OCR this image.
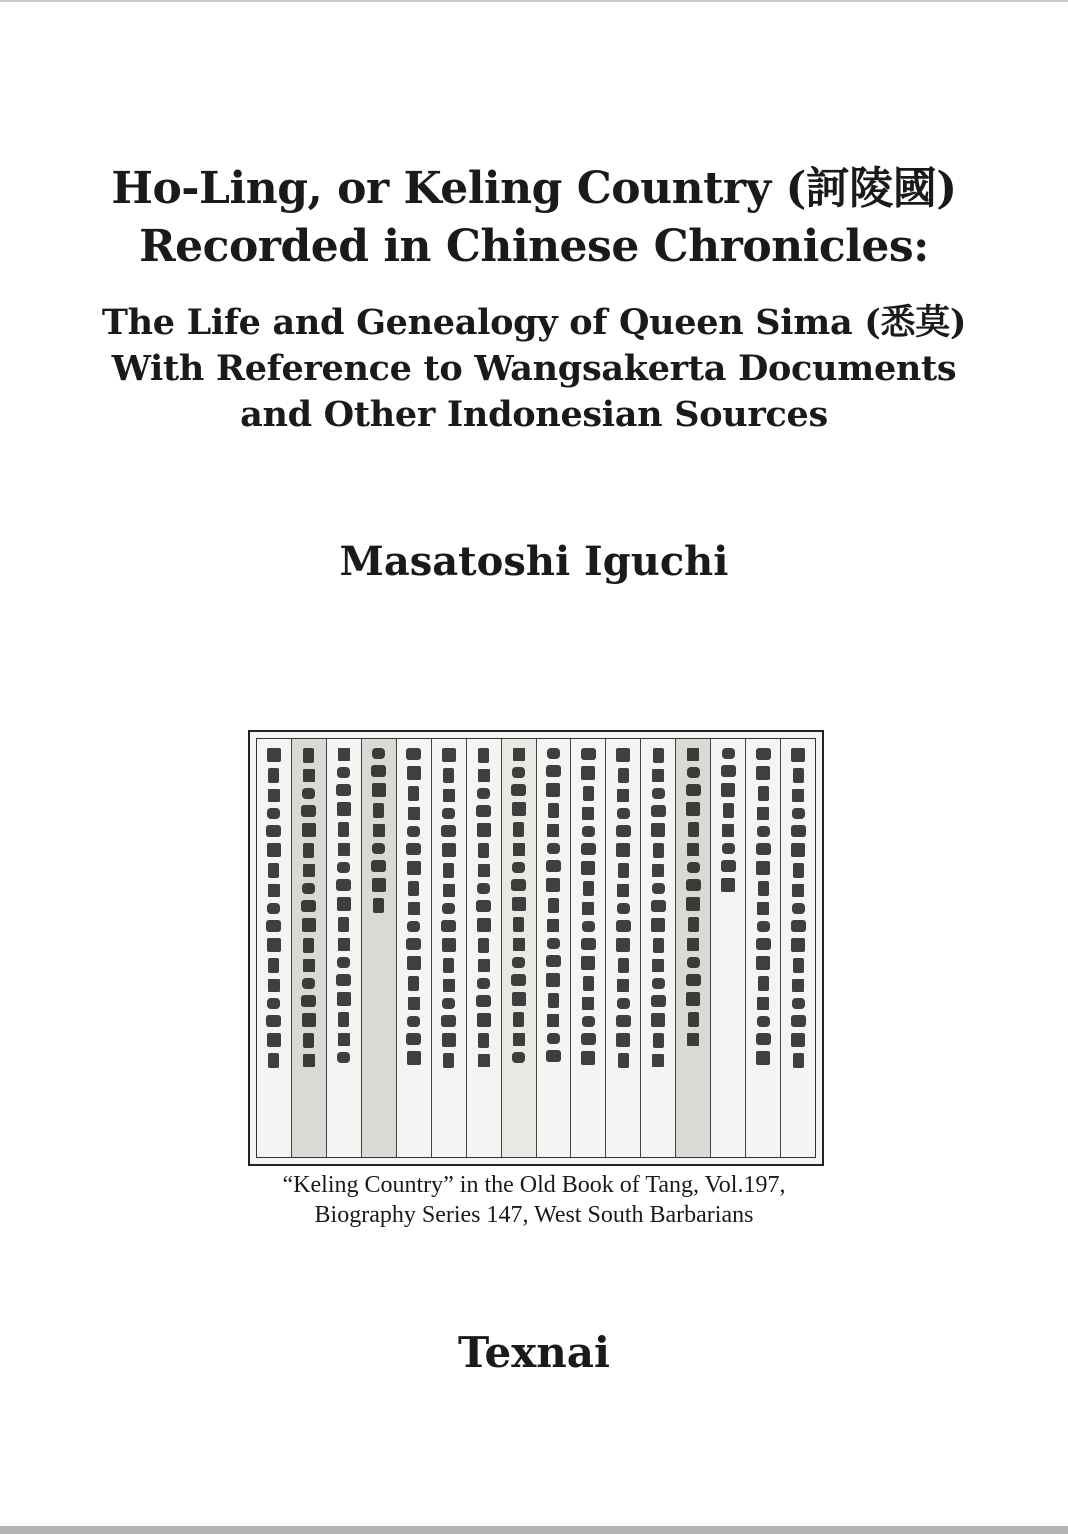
Ho-Ling, or Keling Country (訶陵國)

Recorded in Chinese Chronicles:

The Life and Genealogy of Queen Sima (悉莫)

With Reference to Wangsakerta Documents

and Other Indonesian Sources

Masatoshi Iguchi

“Keling Country” in the Old Book of Tang, Vol.197,

Biography Series 147, West South Barbarians

Texnai
